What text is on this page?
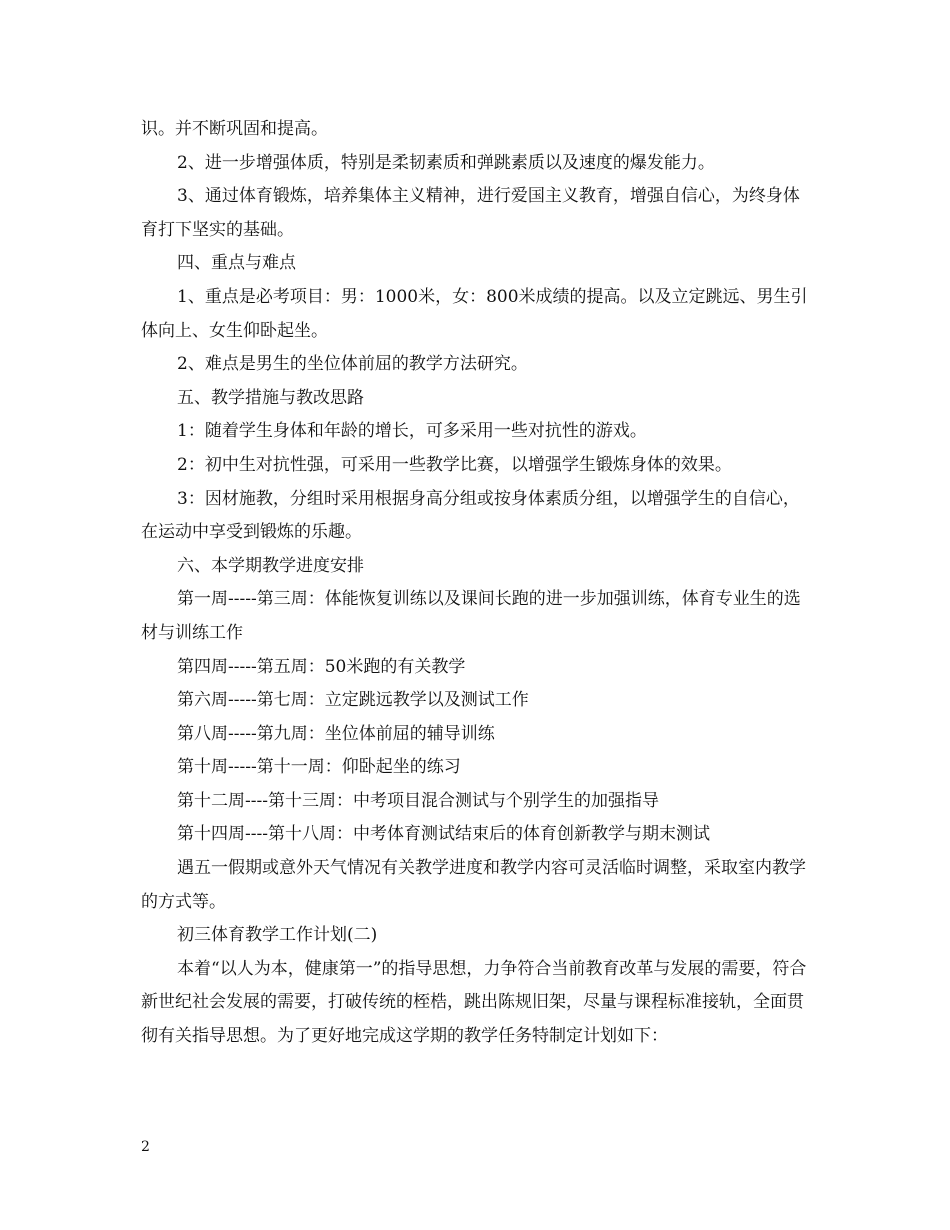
识。并不断巩固和提高。

2、进一步增强体质，特别是柔韧素质和弹跳素质以及速度的爆发能力。

3、通过体育锻炼，培养集体主义精神，进行爱国主义教育，增强自信心，为终身体育打下坚实的基础。

四、重点与难点

1、重点是必考项目：男：1000米，女：800米成绩的提高。以及立定跳远、男生引体向上、女生仰卧起坐。

2、难点是男生的坐位体前屈的教学方法研究。

五、教学措施与教改思路

1：随着学生身体和年龄的增长，可多采用一些对抗性的游戏。

2：初中生对抗性强，可采用一些教学比赛，以增强学生锻炼身体的效果。

3：因材施教，分组时采用根据身高分组或按身体素质分组，以增强学生的自信心，在运动中享受到锻炼的乐趣。

六、本学期教学进度安排

第一周-----第三周：体能恢复训练以及课间长跑的进一步加强训练，体育专业生的选材与训练工作

第四周-----第五周：50米跑的有关教学

第六周-----第七周：立定跳远教学以及测试工作

第八周-----第九周：坐位体前屈的辅导训练

第十周-----第十一周：仰卧起坐的练习

第十二周----第十三周：中考项目混合测试与个别学生的加强指导

第十四周----第十八周：中考体育测试结束后的体育创新教学与期末测试

遇五一假期或意外天气情况有关教学进度和教学内容可灵活临时调整，采取室内教学的方式等。

初三体育教学工作计划(二)

本着“以人为本，健康第一”的指导思想，力争符合当前教育改革与发展的需要，符合新世纪社会发展的需要，打破传统的桎梏，跳出陈规旧架，尽量与课程标准接轨，全面贯彻有关指导思想。为了更好地完成这学期的教学任务特制定计划如下：

2
